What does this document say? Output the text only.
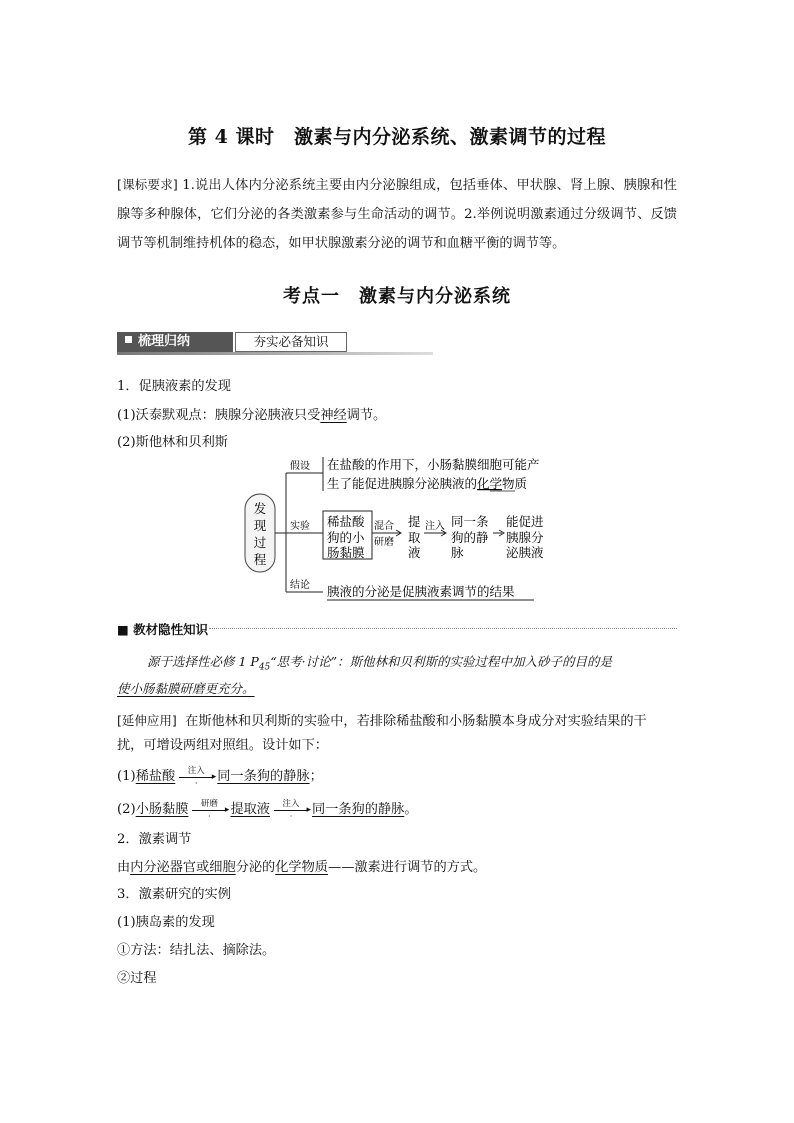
第 4 课时　激素与内分泌系统、激素调节的过程
[课标要求] 1.说出人体内分泌系统主要由内分泌腺组成，包括垂体、甲状腺、肾上腺、胰腺和性腺等多种腺体，它们分泌的各类激素参与生命活动的调节。2.举例说明激素通过分级调节、反馈调节等机制维持机体的稳态，如甲状腺激素分泌的调节和血糖平衡的调节等。
考点一　激素与内分泌系统
梳理归纳	夯实必备知识
1．促胰液素的发现
(1)沃泰默观点：胰腺分泌胰液只受神经调节。
(2)斯他林和贝利斯
发
现
过
程
假设
实验
结论
在盐酸的作用下，小肠黏膜细胞可能产
生了能促进胰腺分泌胰液的化学物质
稀盐酸
狗的小
肠黏膜
混合
研磨
提
取
液
注入 同一条
狗的静
脉
能促进
胰腺分
泌胰液
胰液的分泌是促胰液素调节的结果
■ 教材隐性知识
源于选择性必修 1 $P_{45}“$思考·讨论”：斯他林和贝利斯的实验过程中加入砂子的目的是
使小肠黏膜研磨更充分。
[延伸应用] 在斯他林和贝利斯的实验中，若排除稀盐酸和小肠黏膜本身成分对实验结果的干
扰，可增设两组对照组。设计如下：
(1)稀盐酸	注入
▸
·	同一条狗的静脉；
(2)小肠黏膜	研磨
▸
·	提取液	注入
▸
·	同一条狗的静脉。
2．激素调节
由内分泌器官或细胞分泌的化学物质——激素进行调节的方式。
3．激素研究的实例
(1)胰岛素的发现
①方法：结扎法、摘除法。
②过程
